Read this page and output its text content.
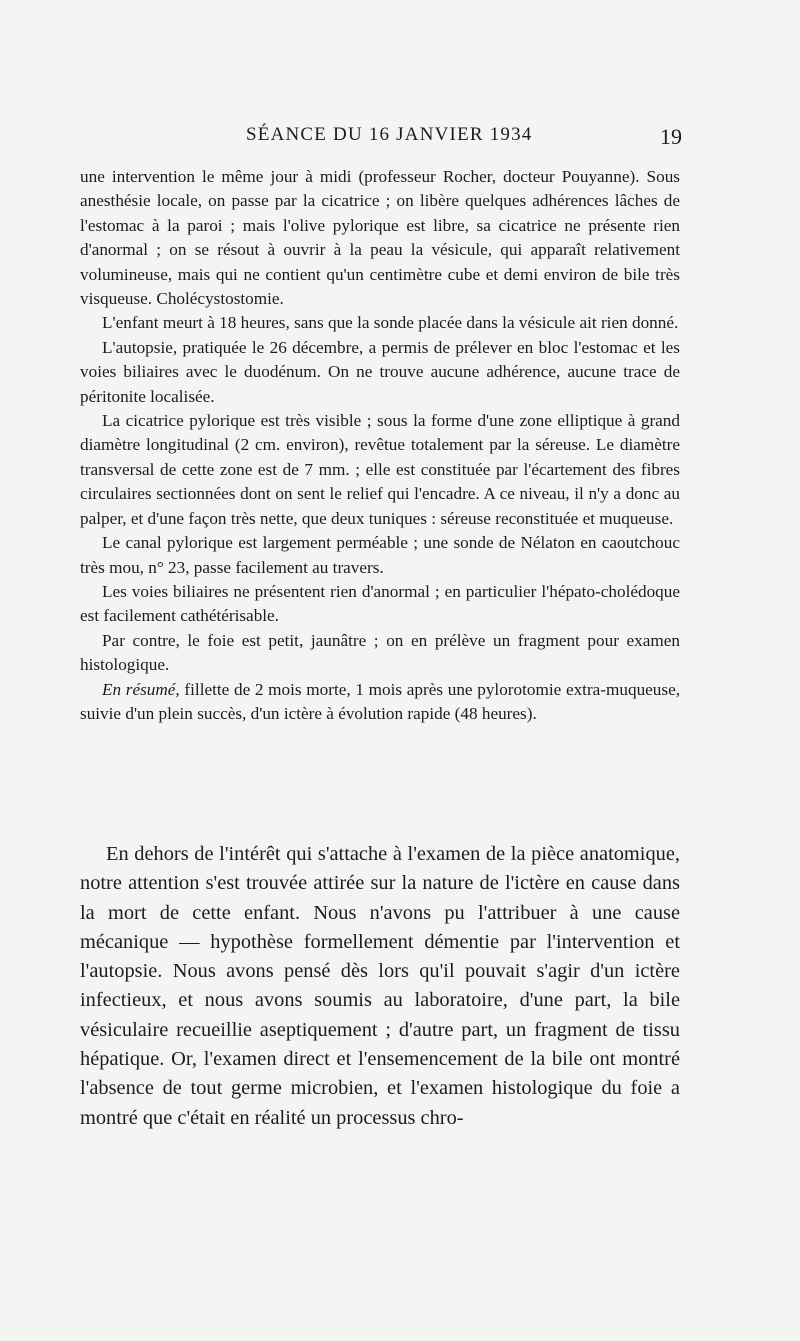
SÉANCE DU 16 JANVIER 1934	19

une intervention le même jour à midi (professeur Rocher, docteur Pouyanne). Sous anesthésie locale, on passe par la cicatrice ; on libère quelques adhérences lâches de l'estomac à la paroi ; mais l'olive pylorique est libre, sa cicatrice ne présente rien d'anormal ; on se résout à ouvrir à la peau la vésicule, qui apparaît relativement volumineuse, mais qui ne contient qu'un centimètre cube et demi environ de bile très visqueuse. Cholécystostomie.

L'enfant meurt à 18 heures, sans que la sonde placée dans la vésicule ait rien donné.

L'autopsie, pratiquée le 26 décembre, a permis de prélever en bloc l'estomac et les voies biliaires avec le duodénum. On ne trouve aucune adhérence, aucune trace de péritonite localisée.

La cicatrice pylorique est très visible ; sous la forme d'une zone elliptique à grand diamètre longitudinal (2 cm. environ), revêtue totalement par la séreuse. Le diamètre transversal de cette zone est de 7 mm. ; elle est constituée par l'écartement des fibres circulaires sectionnées dont on sent le relief qui l'encadre. A ce niveau, il n'y a donc au palper, et d'une façon très nette, que deux tuniques : séreuse reconstituée et muqueuse.

Le canal pylorique est largement perméable ; une sonde de Nélaton en caoutchouc très mou, n° 23, passe facilement au travers.

Les voies biliaires ne présentent rien d'anormal ; en particulier l'hépato-cholédoque est facilement cathétérisable.

Par contre, le foie est petit, jaunâtre ; on en prélève un fragment pour examen histologique.

En résumé, fillette de 2 mois morte, 1 mois après une pylorotomie extra-muqueuse, suivie d'un plein succès, d'un ictère à évolution rapide (48 heures).

En dehors de l'intérêt qui s'attache à l'examen de la pièce anatomique, notre attention s'est trouvée attirée sur la nature de l'ictère en cause dans la mort de cette enfant. Nous n'avons pu l'attribuer à une cause mécanique — hypothèse formellement démentie par l'intervention et l'autopsie. Nous avons pensé dès lors qu'il pouvait s'agir d'un ictère infectieux, et nous avons soumis au laboratoire, d'une part, la bile vésiculaire recueillie aseptiquement ; d'autre part, un fragment de tissu hépatique. Or, l'examen direct et l'ensemencement de la bile ont montré l'absence de tout germe microbien, et l'examen histologique du foie a montré que c'était en réalité un processus chro-
